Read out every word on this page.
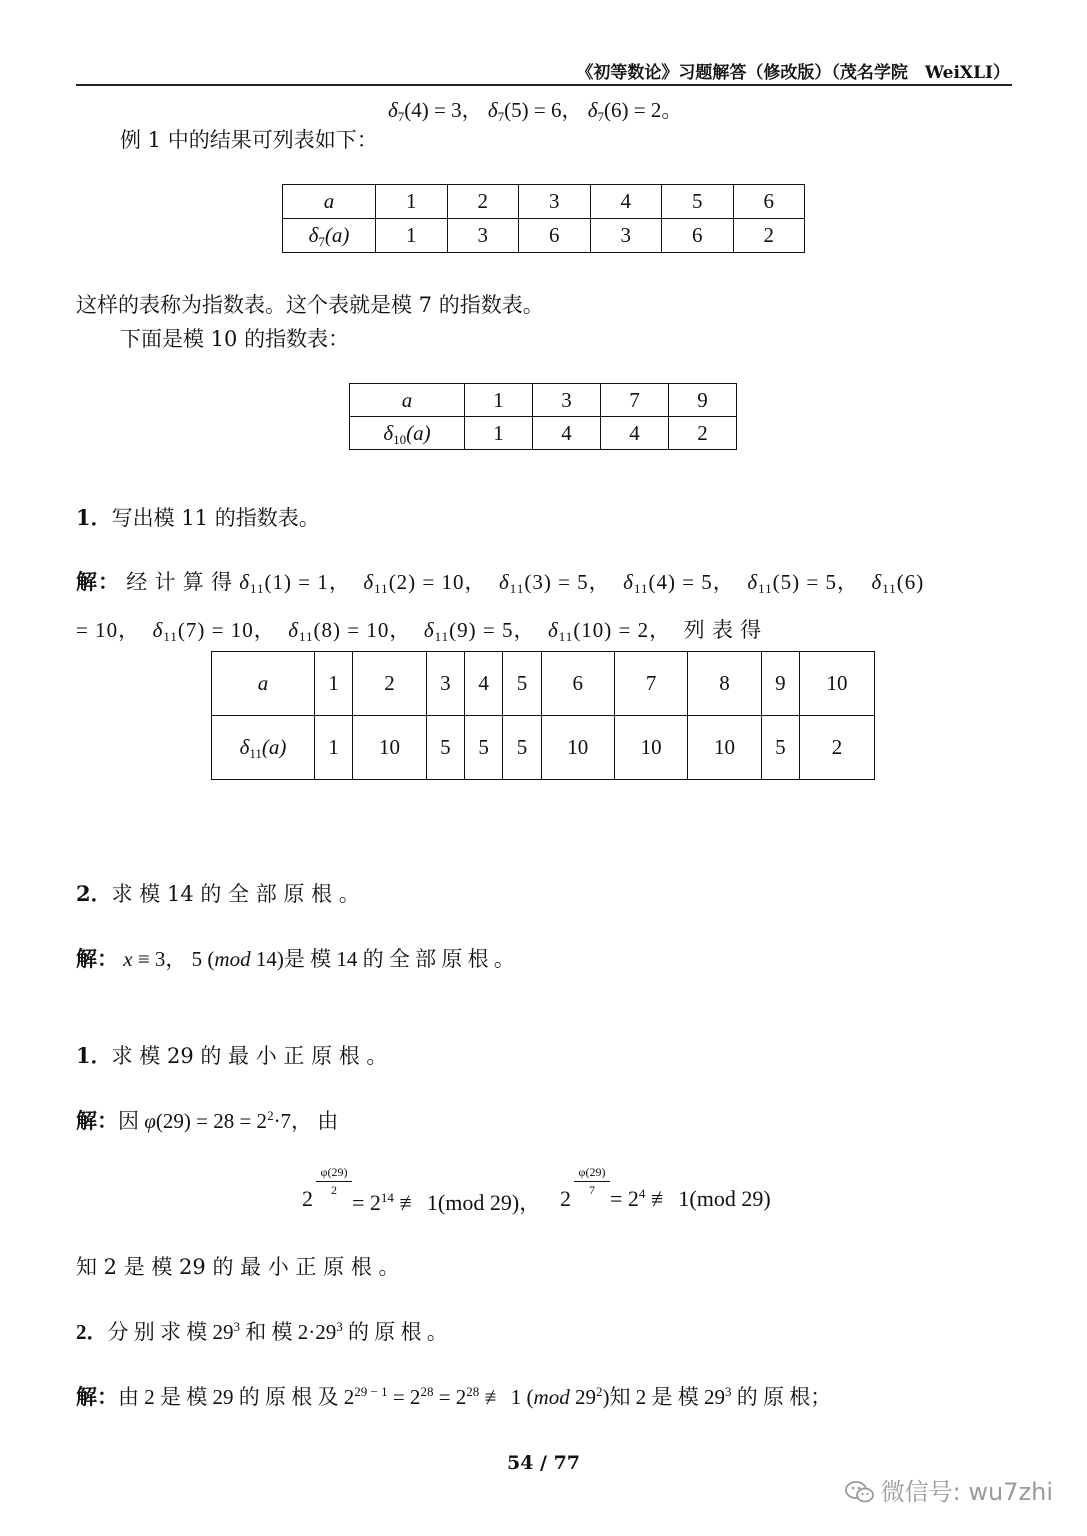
《初等数论》习题解答（修改版）（茂名学院　WeiXLI）
$\delta_7(4) = 3$， $\delta_7(5) = 6$， $\delta_7(6) = 2$。
例 1 中的结果可列表如下：
a	1	2	3	4	5	6
$\delta_7(a)$	1	3	6	3	6	2
这样的表称为指数表。这个表就是模 7 的指数表。
下面是模 10 的指数表：
a	1	3	7	9
$\delta_{10}(a)$	1	4	4	2
1．写出模 11 的指数表。
解： 经 计 算 得 $\delta_{11}(1) = 1$， $\delta_{11}(2) = 10$， $\delta_{11}(3) = 5$， $\delta_{11}(4) = 5$， $\delta_{11}(5) = 5$， $\delta_{11}(6)$
= 10， $\delta_{11}(7) = 10$， $\delta_{11}(8) = 10$， $\delta_{11}(9) = 5$， $\delta_{11}(10) = 2$， 列 表 得
a	1	2	3	4	5	6	7	8	9	10
$\delta_{11}(a)$	1	10	5	5	5	10	10	10	5	2
2．求 模 14 的 全 部 原 根 。
解： x ≡ 3， 5 (mod 14)是 模 14 的 全 部 原 根 。
1．求 模 29 的 最 小 正 原 根 。
解：因 $\varphi(29) = 28 = 2^2\cdot 7$， 由
2
φ(29)
$2 = 2^{14}$ ≢ 1(mod 29)， 2
φ(29)
$7 = 2^4$ ≢ 1(mod 29)
知 2 是 模 29 的 最 小 正 原 根 。
2．分 别 求 模 $29^3$ 和 模 $2\cdot 29^3$ 的 原 根 。
解：由 2 是 模 29 的 原 根 及 $2^{29 - 1} = 2^{28} = 2^{28}$ ≢ 1 (mod $29^2$)知 2 是 模 $29^3$ 的 原 根；
54 / 77
微信号: wu7zhi
